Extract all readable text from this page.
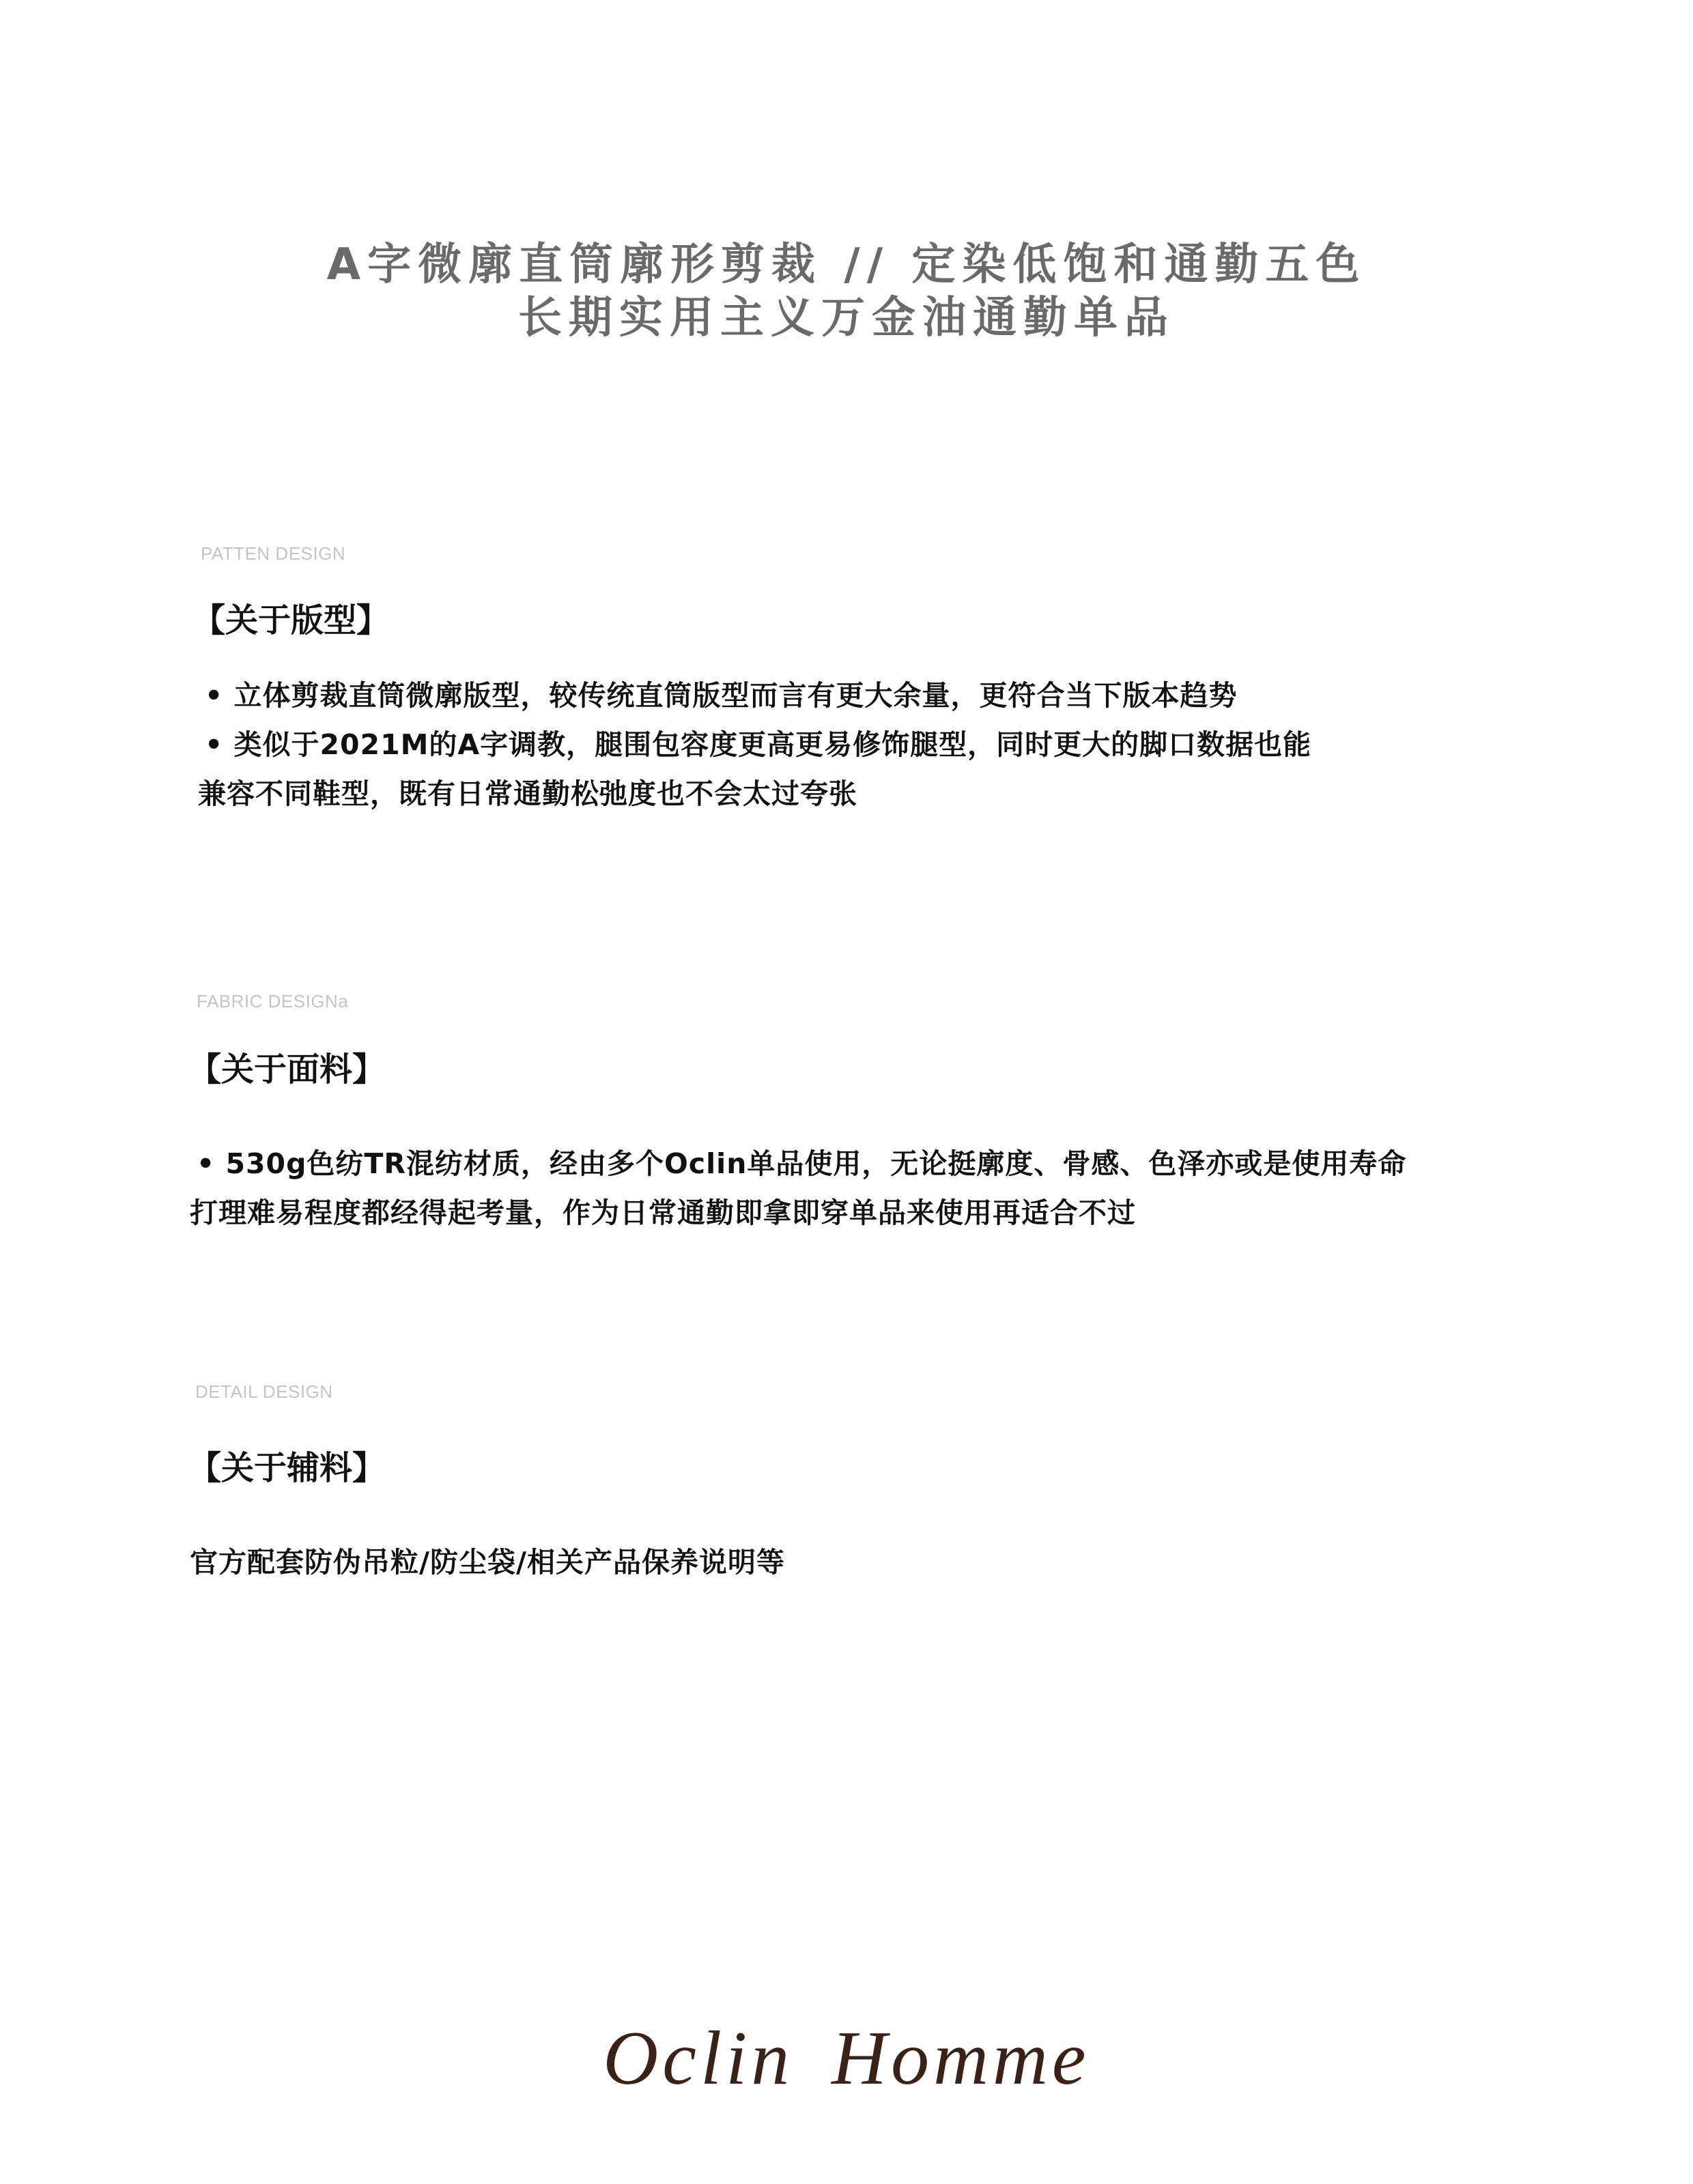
A字微廓直筒廓形剪裁 // 定染低饱和通勤五色
长期实用主义万金油通勤单品
PATTEN DESIGN
【关于版型】
• 立体剪裁直筒微廓版型，较传统直筒版型而言有更大余量，更符合当下版本趋势
• 类似于2021M的A字调教，腿围包容度更高更易修饰腿型，同时更大的脚口数据也能
兼容不同鞋型，既有日常通勤松弛度也不会太过夸张
FABRIC DESIGNa
【关于面料】
• 530g色纺TR混纺材质，经由多个Oclin单品使用，无论挺廓度、骨感、色泽亦或是使用寿命
打理难易程度都经得起考量，作为日常通勤即拿即穿单品来使用再适合不过
DETAIL DESIGN
【关于辅料】
官方配套防伪吊粒/防尘袋/相关产品保养说明等
Oclin Homme
